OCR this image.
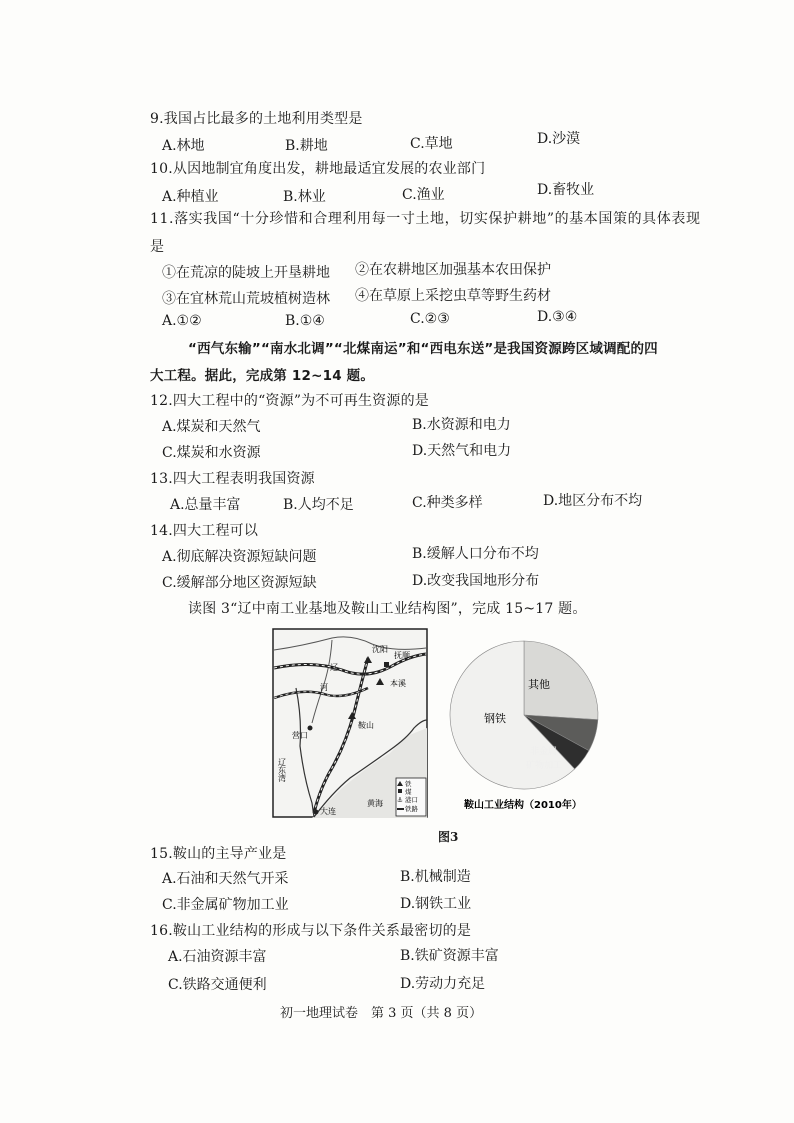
9.我国占比最多的土地利用类型是
A.林地	B.耕地	C.草地	D.沙漠
10.从因地制宜角度出发，耕地最适宜发展的农业部门
A.种植业	B.林业	C.渔业	D.畜牧业
11.落实我国“十分珍惜和合理利用每一寸土地，切实保护耕地”的基本国策的具体表现
是
①在荒凉的陡坡上开垦耕地 ②在农耕地区加强基本农田保护
③在宜林荒山荒坡植树造林 ④在草原上采挖虫草等野生药材
A.①②	B.①④	C.②③	D.③④
“西气东输”“南水北调”“北煤南运”和“西电东送”是我国资源跨区域调配的四
大工程。据此，完成第 12~14 题。
12.四大工程中的“资源”为不可再生资源的是
A.煤炭和天然气	B.水资源和电力
C.煤炭和水资源	D.天然气和电力
13.四大工程表明我国资源
A.总量丰富	B.人均不足	C.种类多样	D.地区分布不均
14.四大工程可以
A.彻底解决资源短缺问题	B.缓解人口分布不均
C.缓解部分地区资源短缺	D.改变我国地形分布
读图 3“辽中南工业基地及鞍山工业结构图”，完成 15~17 题。
沈阳
抚顺
本溪
鞍山
营口
辽
河
辽东湾
大连
黄海
铁
煤
⚓ 港口
铁路
其他
钢铁
非金属
矿物加工
鞍山工业结构（2010年）
图3
15.鞍山的主导产业是
A.石油和天然气开采	B.机械制造
C.非金属矿物加工业	D.钢铁工业
16.鞍山工业结构的形成与以下条件关系最密切的是
A.石油资源丰富	B.铁矿资源丰富
C.铁路交通便利	D.劳动力充足
初一地理试卷　第 3 页（共 8 页）
